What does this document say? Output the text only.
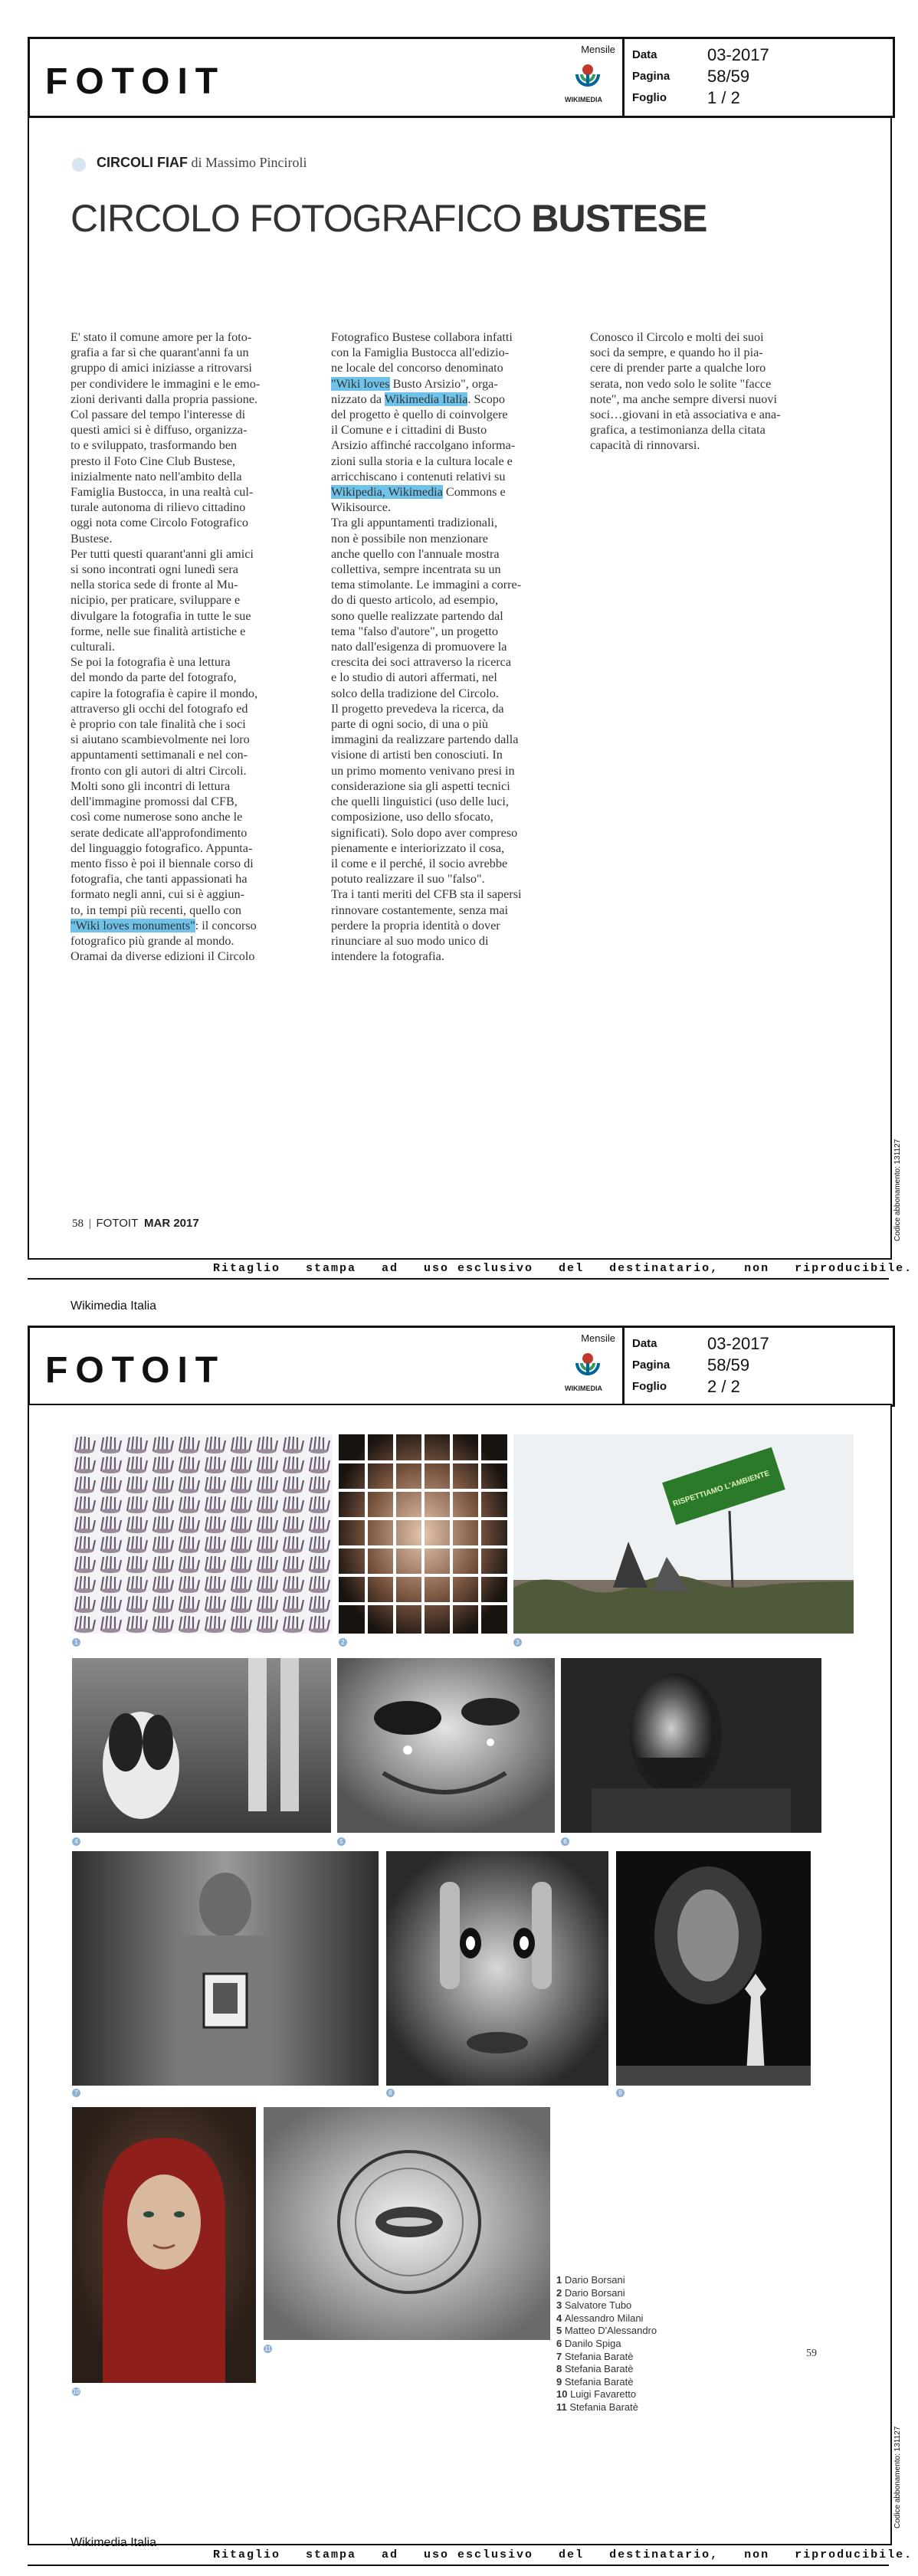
FOTOIT
Mensile
WIKIMEDIA
Data	03-2017
Pagina 58/59
Foglio 1 / 2
CIRCOLI FIAF di Massimo Pinciroli
CIRCOLO FOTOGRAFICO BUSTESE
E' stato il comune amore per la foto-
grafia a far sì che quarant'anni fa un
gruppo di amici iniziasse a ritrovarsi
per condividere le immagini e le emo-
zioni derivanti dalla propria passione.
Col passare del tempo l'interesse di
questi amici si è diffuso, organizza-
to e sviluppato, trasformando ben
presto il Foto Cine Club Bustese,
inizialmente nato nell'ambito della
Famiglia Bustocca, in una realtà cul-
turale autonoma di rilievo cittadino
oggi nota come Circolo Fotografico
Bustese.
Per tutti questi quarant'anni gli amici
si sono incontrati ogni lunedì sera
nella storica sede di fronte al Mu-
nicipio, per praticare, sviluppare e
divulgare la fotografia in tutte le sue
forme, nelle sue finalità artistiche e
culturali.
Se poi la fotografia è una lettura
del mondo da parte del fotografo,
capire la fotografia è capire il mondo,
attraverso gli occhi del fotografo ed
è proprio con tale finalità che i soci
si aiutano scambievolmente nei loro
appuntamenti settimanali e nel con-
fronto con gli autori di altri Circoli.
Molti sono gli incontri di lettura
dell'immagine promossi dal CFB,
così come numerose sono anche le
serate dedicate all'approfondimento
del linguaggio fotografico. Appunta-
mento fisso è poi il biennale corso di
fotografia, che tanti appassionati ha
formato negli anni, cui si è aggiun-
to, in tempi più recenti, quello con
"Wiki loves monuments": il concorso
fotografico più grande al mondo.
Oramai da diverse edizioni il Circolo
Fotografico Bustese collabora infatti
con la Famiglia Bustocca all'edizio-
ne locale del concorso denominato
"Wiki loves Busto Arsizio", orga-
nizzato da Wikimedia Italia. Scopo
del progetto è quello di coinvolgere
il Comune e i cittadini di Busto
Arsizio affinché raccolgano informa-
zioni sulla storia e la cultura locale e
arricchiscano i contenuti relativi su
Wikipedia, Wikimedia Commons e
Wikisource.
Tra gli appuntamenti tradizionali,
non è possibile non menzionare
anche quello con l'annuale mostra
collettiva, sempre incentrata su un
tema stimolante. Le immagini a corre-
do di questo articolo, ad esempio,
sono quelle realizzate partendo dal
tema "falso d'autore", un progetto
nato dall'esigenza di promuovere la
crescita dei soci attraverso la ricerca
e lo studio di autori affermati, nel
solco della tradizione del Circolo.
Il progetto prevedeva la ricerca, da
parte di ogni socio, di una o più
immagini da realizzare partendo dalla
visione di artisti ben conosciuti. In
un primo momento venivano presi in
considerazione sia gli aspetti tecnici
che quelli linguistici (uso delle luci,
composizione, uso dello sfocato,
significati). Solo dopo aver compreso
pienamente e interiorizzato il cosa,
il come e il perché, il socio avrebbe
potuto realizzare il suo "falso".
Tra i tanti meriti del CFB sta il sapersi
rinnovare costantemente, senza mai
perdere la propria identità o dover
rinunciare al suo modo unico di
intendere la fotografia.
Conosco il Circolo e molti dei suoi
soci da sempre, e quando ho il pia-
cere di prender parte a qualche loro
serata, non vedo solo le solite "facce
note", ma anche sempre diversi nuovi
soci…giovani in età associativa e ana-
grafica, a testimonianza della citata
capacità di rinnovarsi.
58 | FOTOIT MAR 2017
Ritaglio   stampa   ad   uso esclusivo   del   destinatario,   non   riproducibile.
Codice abbonamento: 131127
Wikimedia Italia
FOTOIT
Mensile
WIKIMEDIA
Data	03-2017
Pagina 58/59
Foglio 2 / 2
RISPETTIAMO L'AMBIENTE
1	2	3
4	5	6
7	8	9
10
11
1 Dario Borsani
2 Dario Borsani
3 Salvatore Tubo
4 Alessandro Milani
5 Matteo D'Alessandro
6 Danilo Spiga
7 Stefania Baratè
8 Stefania Baratè
9 Stefania Baratè
10 Luigi Favaretto
11 Stefania Baratè
59
Ritaglio   stampa   ad   uso esclusivo   del   destinatario,   non   riproducibile.
Codice abbonamento: 131127
Wikimedia Italia
